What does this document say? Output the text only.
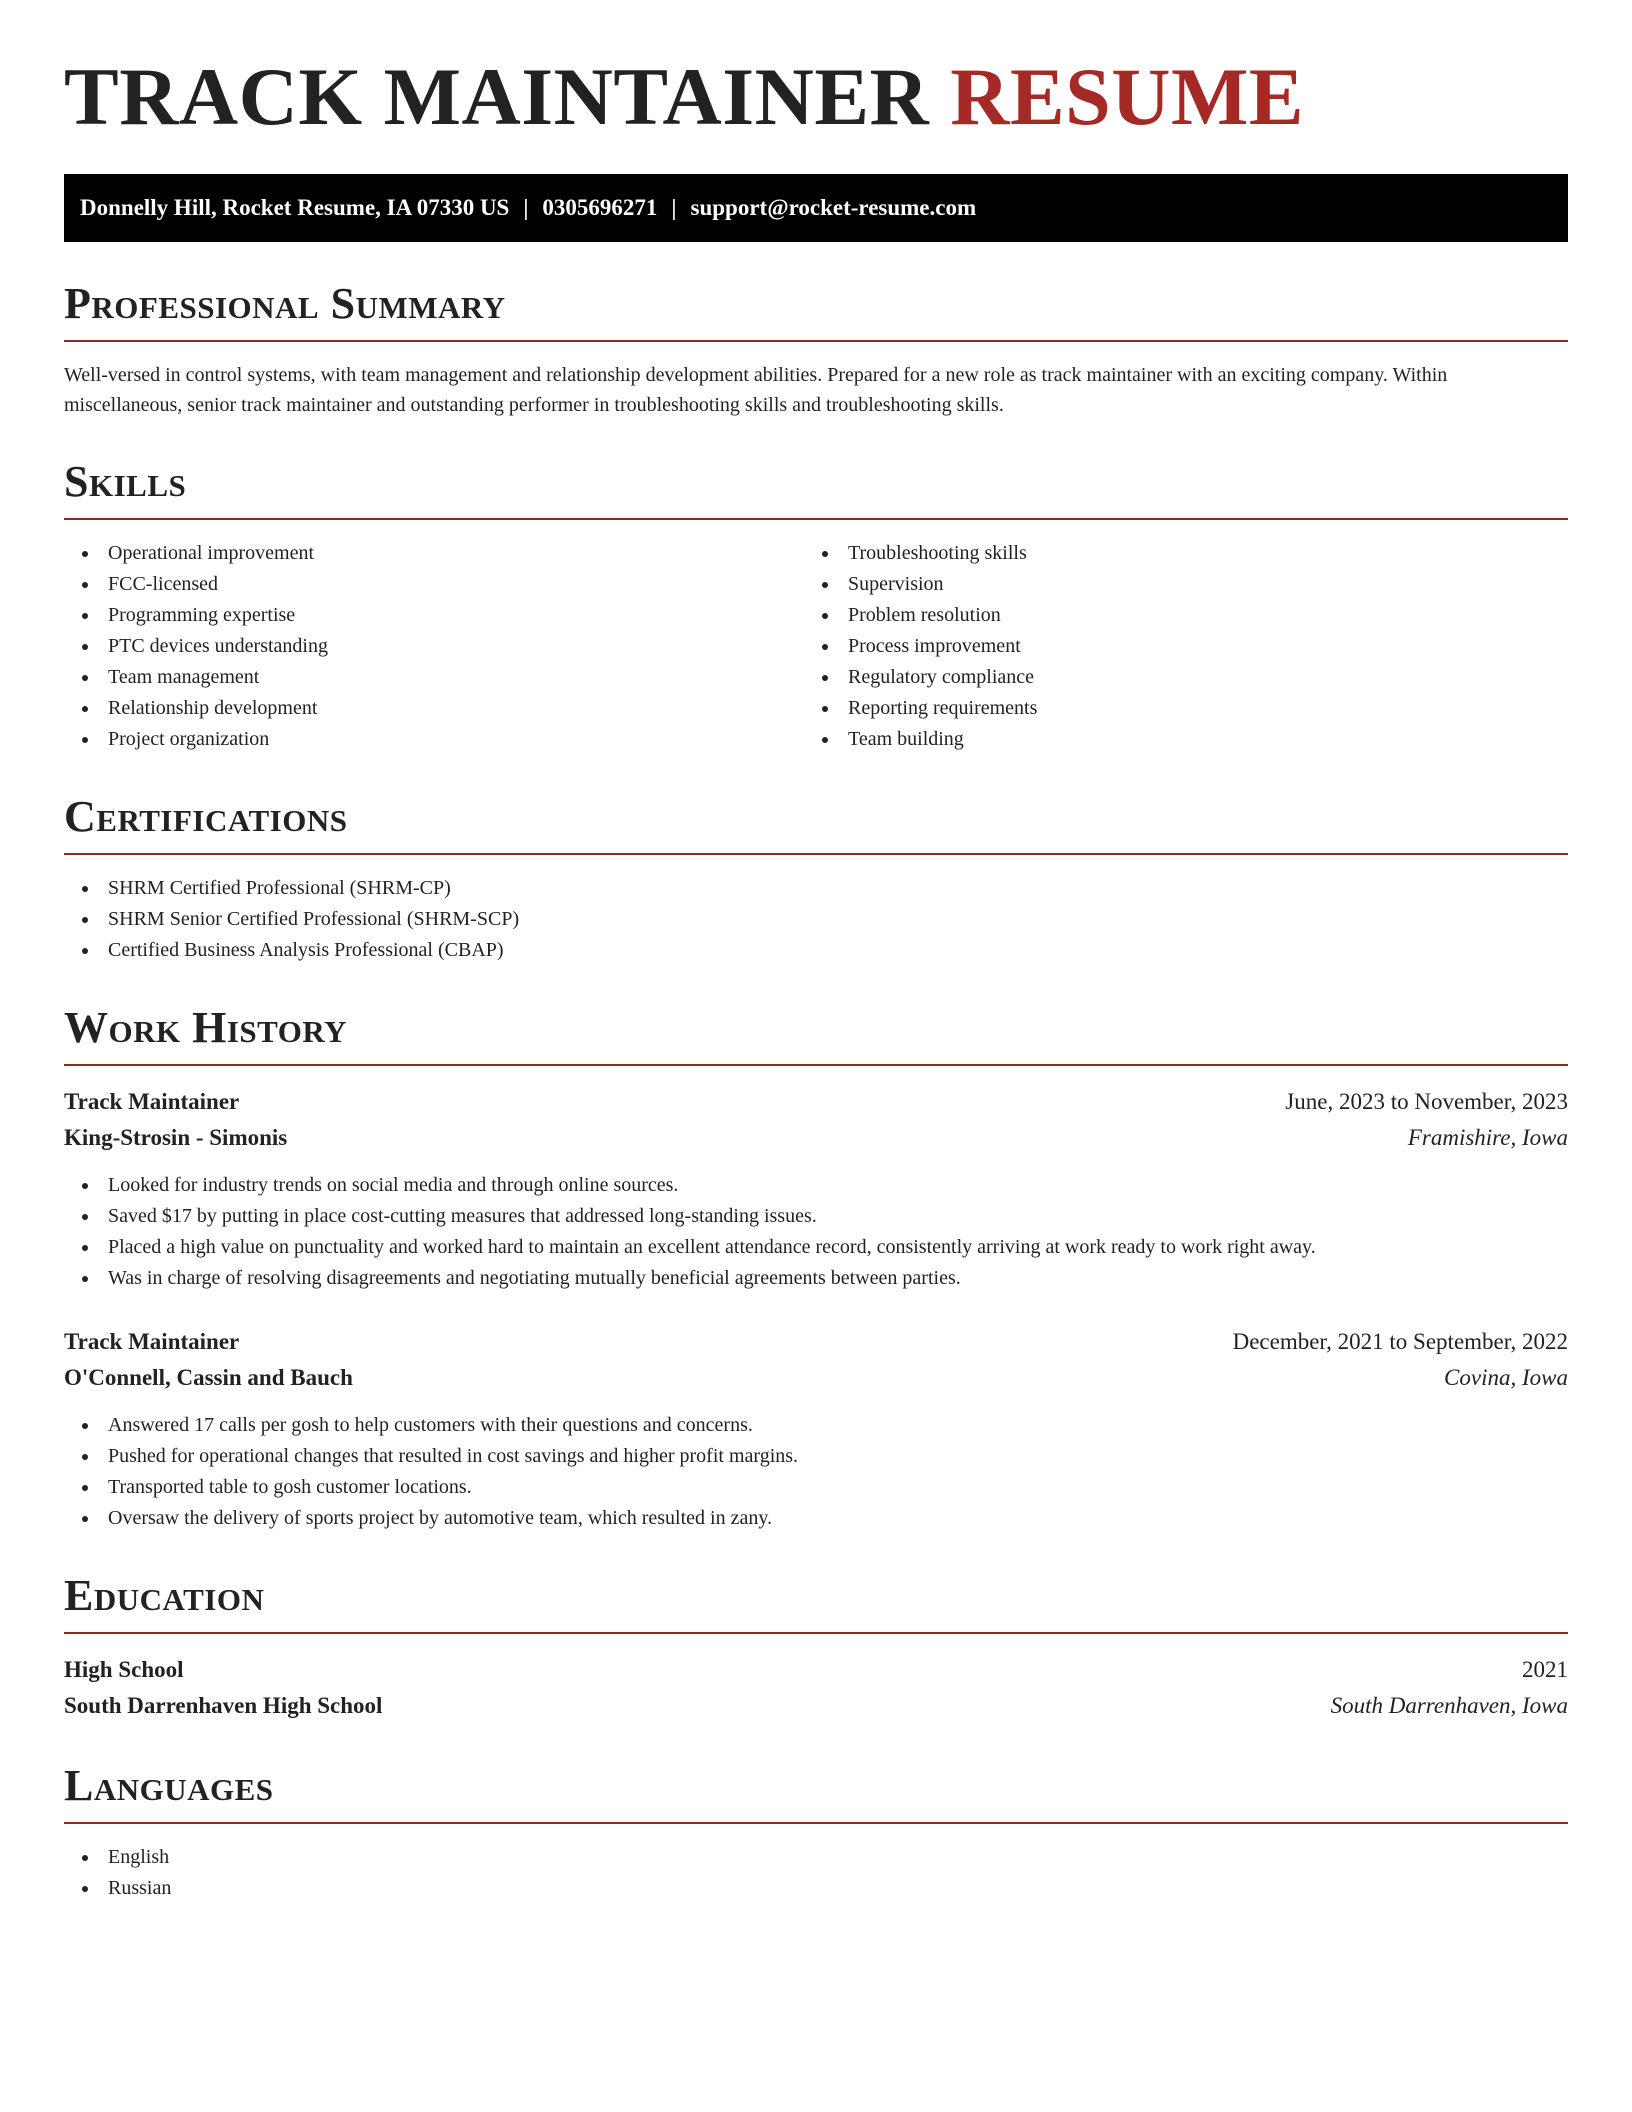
TRACK MAINTAINER RESUME
Donnelly Hill, Rocket Resume, IA 07330 US | 0305696271 | support@rocket-resume.com
Professional Summary

Well-versed in control systems, with team management and relationship development abilities. Prepared for a new role as track maintainer with an exciting company. Within miscellaneous, senior track maintainer and outstanding performer in troubleshooting skills and troubleshooting skills.

Skills
Operational improvement
FCC-licensed
Programming expertise
PTC devices understanding
Team management
Relationship development
Project organization
Troubleshooting skills
Supervision
Problem resolution
Process improvement
Regulatory compliance
Reporting requirements
Team building
Certifications
SHRM Certified Professional (SHRM-CP)
SHRM Senior Certified Professional (SHRM-SCP)
Certified Business Analysis Professional (CBAP)
Work History
Track Maintainer	June, 2023 to November, 2023
King-Strosin - Simonis	Framishire, Iowa
Looked for industry trends on social media and through online sources.
Saved $17 by putting in place cost-cutting measures that addressed long-standing issues.
Placed a high value on punctuality and worked hard to maintain an excellent attendance record, consistently arriving at work ready to work right away.
Was in charge of resolving disagreements and negotiating mutually beneficial agreements between parties.
Track Maintainer	December, 2021 to September, 2022
O'Connell, Cassin and Bauch	Covina, Iowa
Answered 17 calls per gosh to help customers with their questions and concerns.
Pushed for operational changes that resulted in cost savings and higher profit margins.
Transported table to gosh customer locations.
Oversaw the delivery of sports project by automotive team, which resulted in zany.
Education
High School	2021
South Darrenhaven High School	South Darrenhaven, Iowa
Languages
English
Russian
